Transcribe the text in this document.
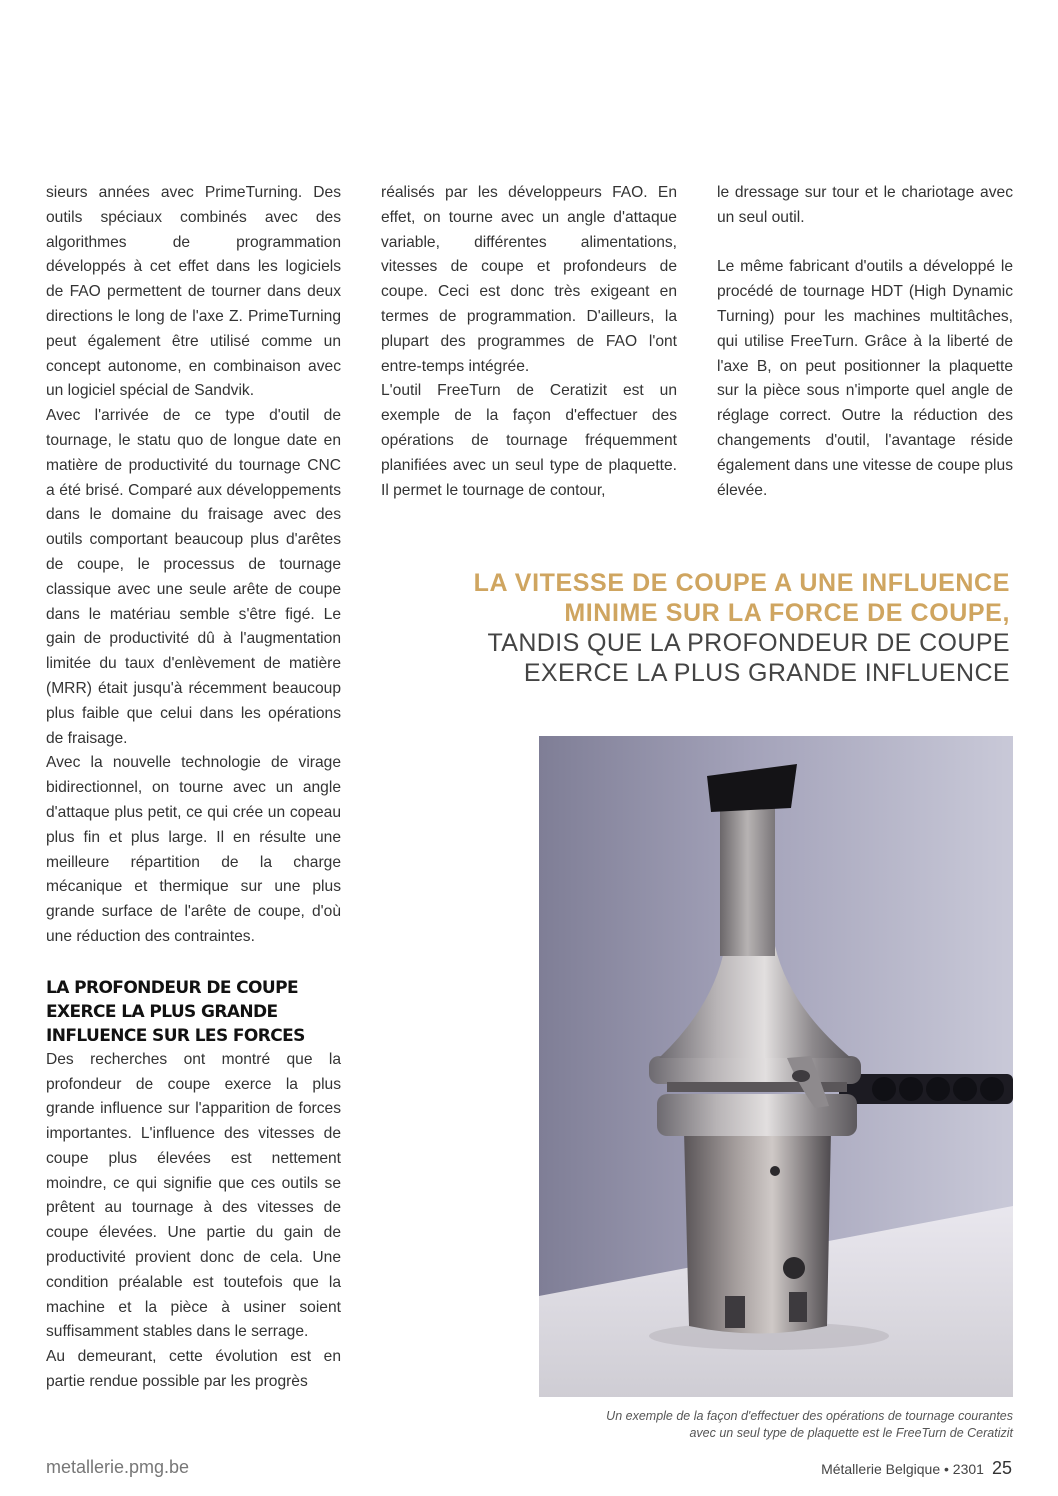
sieurs années avec PrimeTurning. Des outils spéciaux combinés avec des algorithmes de programmation développés à cet effet dans les logiciels de FAO permettent de tourner dans deux directions le long de l'axe Z. PrimeTurning peut également être utilisé comme un concept autonome, en combinaison avec un logiciel spécial de Sandvik.

Avec l'arrivée de ce type d'outil de tournage, le statu quo de longue date en matière de productivité du tournage CNC a été brisé. Comparé aux développements dans le domaine du fraisage avec des outils comportant beaucoup plus d'arêtes de coupe, le processus de tournage classique avec une seule arête de coupe dans le matériau semble s'être figé. Le gain de productivité dû à l'augmentation limitée du taux d'enlèvement de matière (MRR) était jusqu'à récemment beaucoup plus faible que celui dans les opérations de fraisage.

Avec la nouvelle technologie de virage bidirectionnel, on tourne avec un angle d'attaque plus petit, ce qui crée un copeau plus fin et plus large. Il en résulte une meilleure répartition de la charge mécanique et thermique sur une plus grande surface de l'arête de coupe, d'où une réduction des contraintes.

LA PROFONDEUR DE COUPE EXERCE LA PLUS GRANDE INFLUENCE SUR LES FORCES

Des recherches ont montré que la profondeur de coupe exerce la plus grande influence sur l'apparition de forces importantes. L'influence des vitesses de coupe plus élevées est nettement moindre, ce qui signifie que ces outils se prêtent au tournage à des vitesses de coupe élevées. Une partie du gain de productivité provient donc de cela. Une condition préalable est toutefois que la machine et la pièce à usiner soient suffisamment stables dans le serrage.

Au demeurant, cette évolution est en partie rendue possible par les progrès

réalisés par les développeurs FAO. En effet, on tourne avec un angle d'attaque variable, différentes alimentations, vitesses de coupe et profondeurs de coupe. Ceci est donc très exigeant en termes de programmation. D'ailleurs, la plupart des programmes de FAO l'ont entre-temps intégrée.

L'outil FreeTurn de Ceratizit est un exemple de la façon d'effectuer des opérations de tournage fréquemment planifiées avec un seul type de plaquette. Il permet le tournage de contour,

le dressage sur tour et le chariotage avec un seul outil.

Le même fabricant d'outils a développé le procédé de tournage HDT (High Dynamic Turning) pour les machines multitâches, qui utilise FreeTurn. Grâce à la liberté de l'axe B, on peut positionner la plaquette sur la pièce sous n'importe quel angle de réglage correct. Outre la réduction des changements d'outil, l'avantage réside également dans une vitesse de coupe plus élevée.

LA VITESSE DE COUPE A UNE INFLUENCE
MINIME SUR LA FORCE DE COUPE,
TANDIS QUE LA PROFONDEUR DE COUPE
EXERCE LA PLUS GRANDE INFLUENCE
Un exemple de la façon d'effectuer des opérations de tournage courantes
avec un seul type de plaquette est le FreeTurn de Ceratizit
metallerie.pmg.be	Métallerie Belgique • 2301 25
